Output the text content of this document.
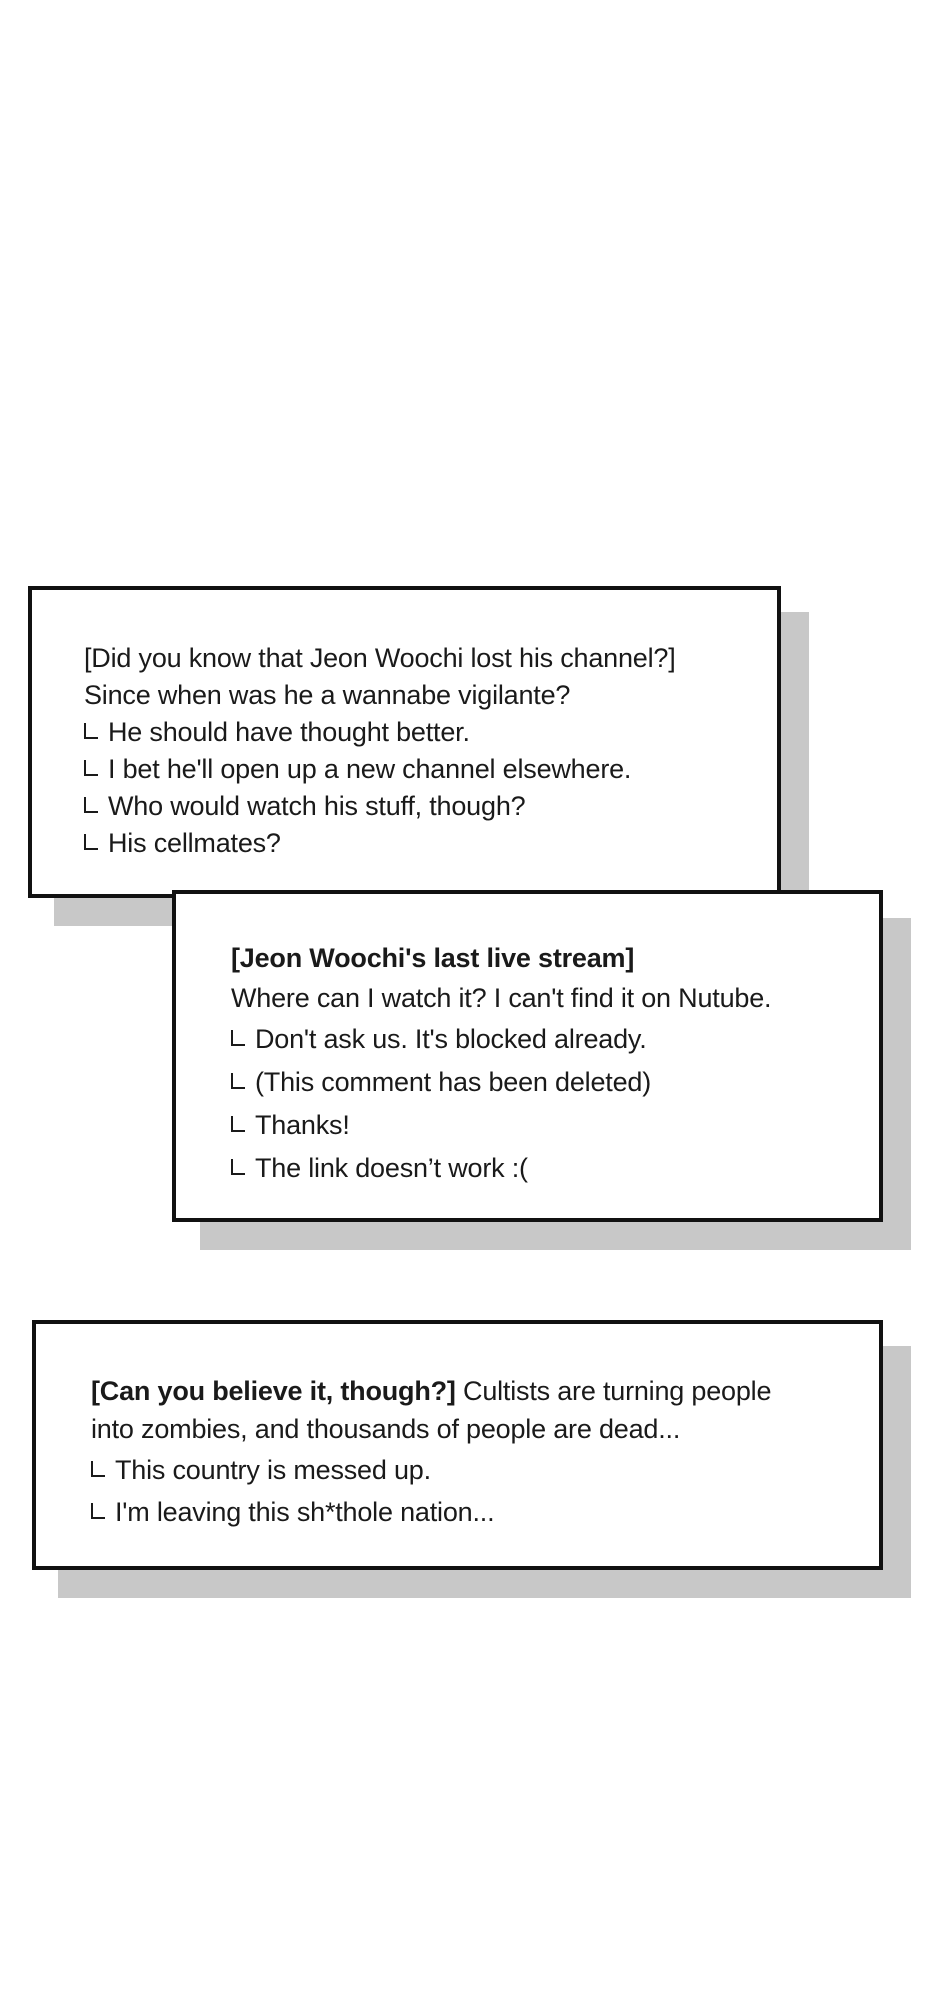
[Did you know that Jeon Woochi lost his channel?]
Since when was he a wannabe vigilante?
He should have thought better.
I bet he'll open up a new channel elsewhere.
Who would watch his stuff, though?
His cellmates?
[Jeon Woochi's last live stream]
Where can I watch it? I can't find it on Nutube.
Don't ask us. It's blocked already.
(This comment has been deleted)
Thanks!
The link doesn’t work :(
[Can you believe it, though?] Cultists are turning people
into zombies, and thousands of people are dead...
This country is messed up.
I'm leaving this sh*thole nation...
